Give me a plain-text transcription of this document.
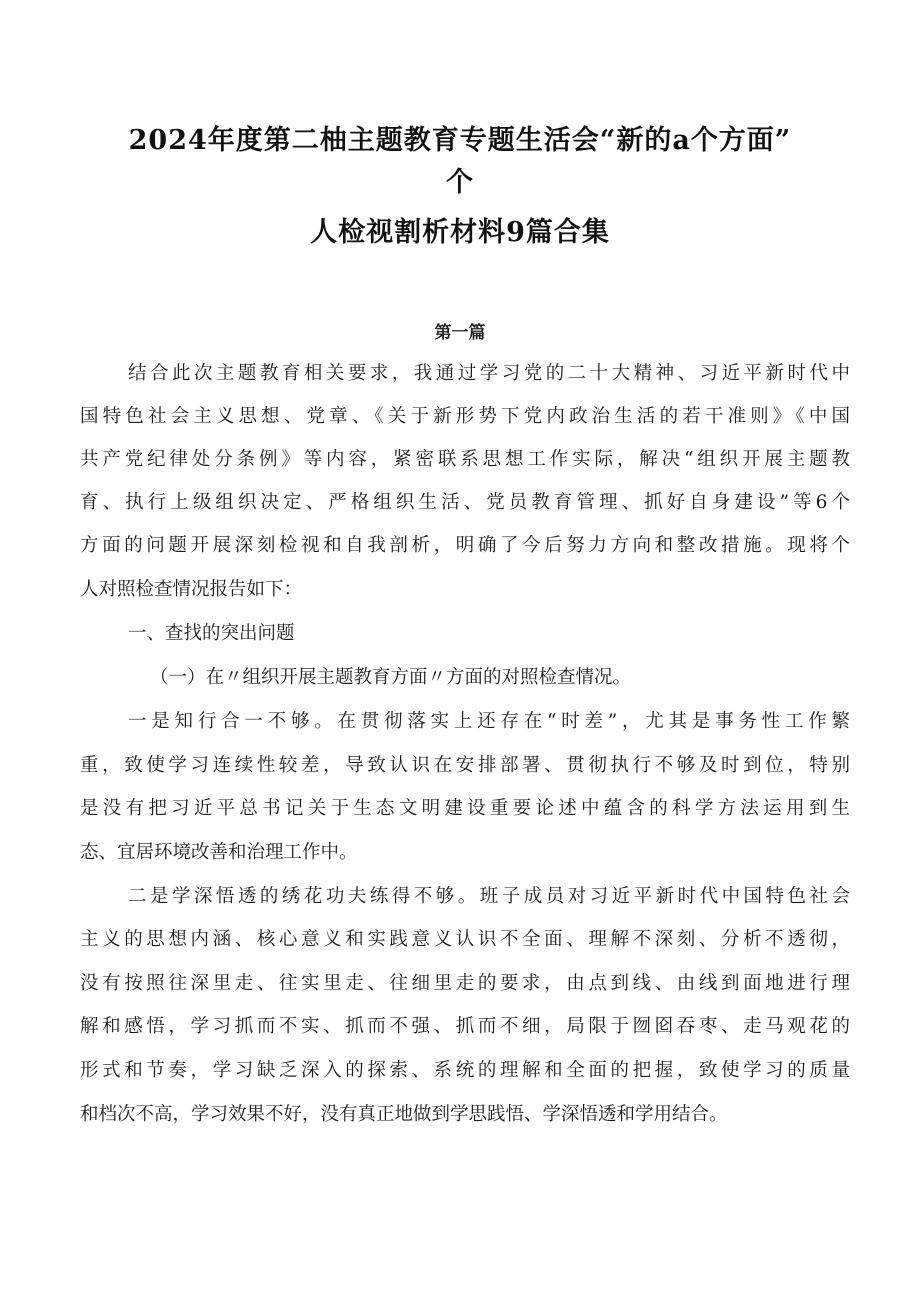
2024年度第二柚主题教育专题生活会“新的a个方面”
个
人检视割析材料9篇合集
第一篇

结合此次主题教育相关要求，我通过学习党的二十大精神、习近平新时代中

国特色社会主义思想、党章、《关于新形势下党内政治生活的若干准则》《中国

共产党纪律处分条例》等内容，紧密联系思想工作实际，解决“组织开展主题教

育、执行上级组织决定、严格组织生活、党员教育管理、抓好自身建设”等6个

方面的问题开展深刻检视和自我剖析，明确了今后努力方向和整改措施。现将个

人对照检查情况报告如下：

一、查找的突出问题

（一）在〃组织开展主题教育方面〃方面的对照检查情况。

一是知行合一不够。在贯彻落实上还存在“时差”，尤其是事务性工作繁

重，致使学习连续性较差，导致认识在安排部署、贯彻执行不够及时到位，特别

是没有把习近平总书记关于生态文明建设重要论述中蕴含的科学方法运用到生

态、宜居环境改善和治理工作中。

二是学深悟透的绣花功夫练得不够。班子成员对习近平新时代中国特色社会

主义的思想内涵、核心意义和实践意义认识不全面、理解不深刻、分析不透彻，

没有按照往深里走、往实里走、往细里走的要求，由点到线、由线到面地进行理

解和感悟，学习抓而不实、抓而不强、抓而不细，局限于囫囵吞枣、走马观花的

形式和节奏，学习缺乏深入的探索、系统的理解和全面的把握，致使学习的质量

和档次不高，学习效果不好，没有真正地做到学思践悟、学深悟透和学用结合。
